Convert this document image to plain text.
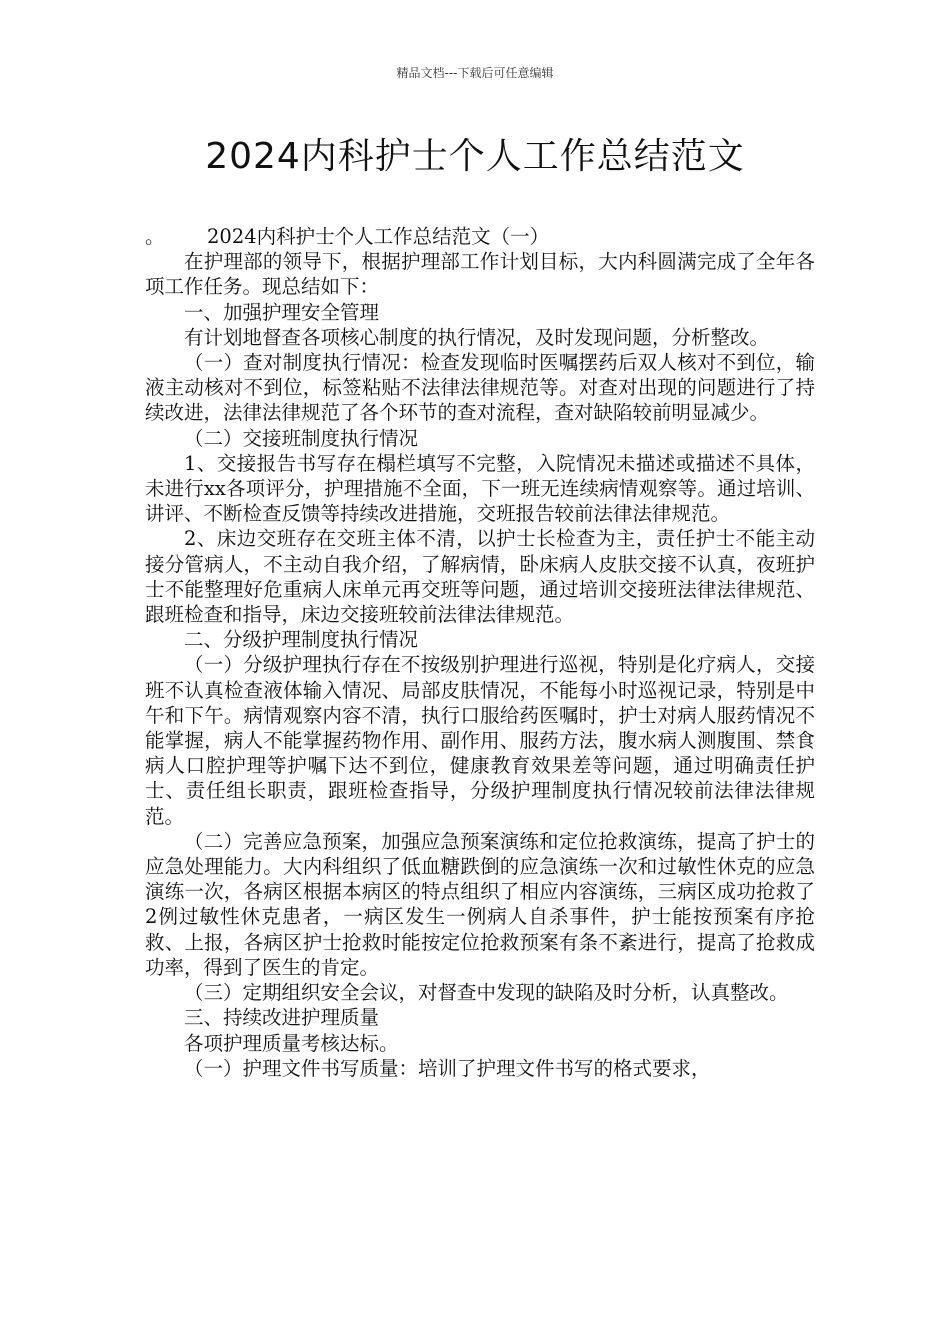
精品文档---下载后可任意编辑
2024内科护士个人工作总结范文

。 2024内科护士个人工作总结范文（一）

在护理部的领导下，根据护理部工作计划目标，大内科圆满完成了全年各项工作任务。现总结如下：

一、加强护理安全管理

有计划地督查各项核心制度的执行情况，及时发现问题，分析整改。

（一）查对制度执行情况：检查发现临时医嘱摆药后双人核对不到位，输液主动核对不到位，标签粘贴不法律法律规范等。对查对出现的问题进行了持续改进，法律法律规范了各个环节的查对流程，查对缺陷较前明显减少。

（二）交接班制度执行情况

1、交接报告书写存在榻栏填写不完整，入院情况未描述或描述不具体，未进行xx各项评分，护理措施不全面，下一班无连续病情观察等。通过培训、讲评、不断检查反馈等持续改进措施，交班报告较前法律法律规范。

2、床边交班存在交班主体不清，以护士长检查为主，责任护士不能主动接分管病人，不主动自我介绍，了解病情，卧床病人皮肤交接不认真，夜班护士不能整理好危重病人床单元再交班等问题，通过培训交接班法律法律规范、跟班检查和指导，床边交接班较前法律法律规范。

二、分级护理制度执行情况

（一）分级护理执行存在不按级别护理进行巡视，特别是化疗病人，交接班不认真检查液体输入情况、局部皮肤情况，不能每小时巡视记录，特别是中午和下午。病情观察内容不清，执行口服给药医嘱时，护士对病人服药情况不能掌握，病人不能掌握药物作用、副作用、服药方法，腹水病人测腹围、禁食病人口腔护理等护嘱下达不到位，健康教育效果差等问题，通过明确责任护士、责任组长职责，跟班检查指导，分级护理制度执行情况较前法律法律规范。

（二）完善应急预案，加强应急预案演练和定位抢救演练，提高了护士的应急处理能力。大内科组织了低血糖跌倒的应急演练一次和过敏性休克的应急演练一次，各病区根据本病区的特点组织了相应内容演练，三病区成功抢救了2例过敏性休克患者，一病区发生一例病人自杀事件，护士能按预案有序抢救、上报，各病区护士抢救时能按定位抢救预案有条不紊进行，提高了抢救成功率，得到了医生的肯定。

（三）定期组织安全会议，对督查中发现的缺陷及时分析，认真整改。

三、持续改进护理质量

各项护理质量考核达标。

（一）护理文件书写质量：培训了护理文件书写的格式要求，
